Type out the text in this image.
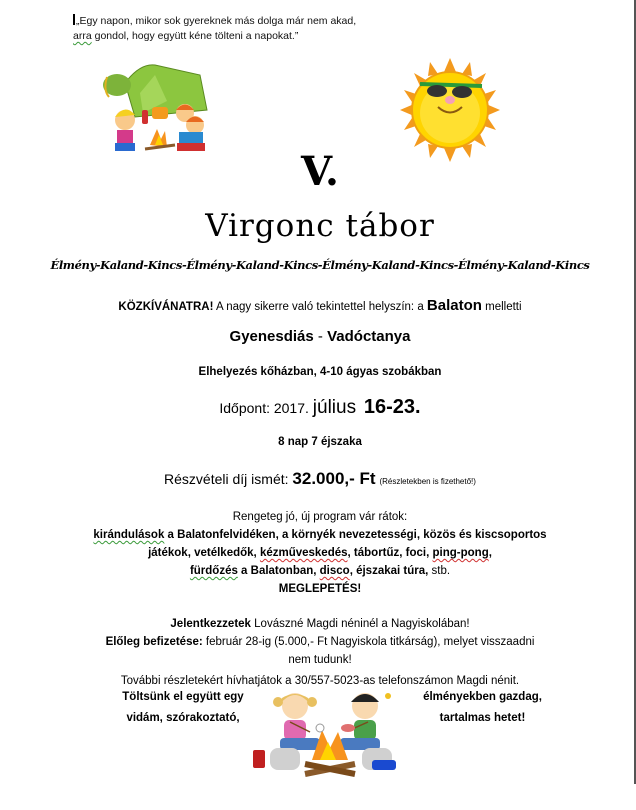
„Egy napon, mikor sok gyereknek más dolga már nem akad,
arra gondol, hogy együtt kéne tölteni a napokat.”
V.
Virgonc tábor
Élmény-Kaland-Kincs-Élmény-Kaland-Kincs-Élmény-Kaland-Kincs-Élmény-Kaland-Kincs
KÖZKÍVÁNATRA! A nagy sikerre való tekintettel helyszín: a Balaton melletti
Gyenesdiás - Vadóctanya
Elhelyezés kőházban, 4-10 ágyas szobákban
Időpont: 2017. július 16-23.
8 nap 7 éjszaka
Részvételi díj ismét: 32.000,- Ft (Részletekben is fizethető!)
Rengeteg jó, új program vár rátok:
kirándulások a Balatonfelvidéken, a környék nevezetességi, közös és kiscsoportos
játékok, vetélkedők, kézműveskedés, tábortűz, foci, ping-pong,
fürdőzés a Balatonban, disco, éjszakai túra, stb.
MEGLEPETÉS!
Jelentkezzetek Lovászné Magdi néninél a Nagyiskolában!
Előleg befizetése: február 28-ig (5.000,- Ft Nagyiskola titkárság), melyet visszaadni
nem tudunk!
További részletekért hívhatjátok a 30/557-5023-as telefonszámon Magdi nénit.
Töltsünk el együtt egy
vidám, szórakoztató,
élményekben gazdag,
tartalmas hetet!
